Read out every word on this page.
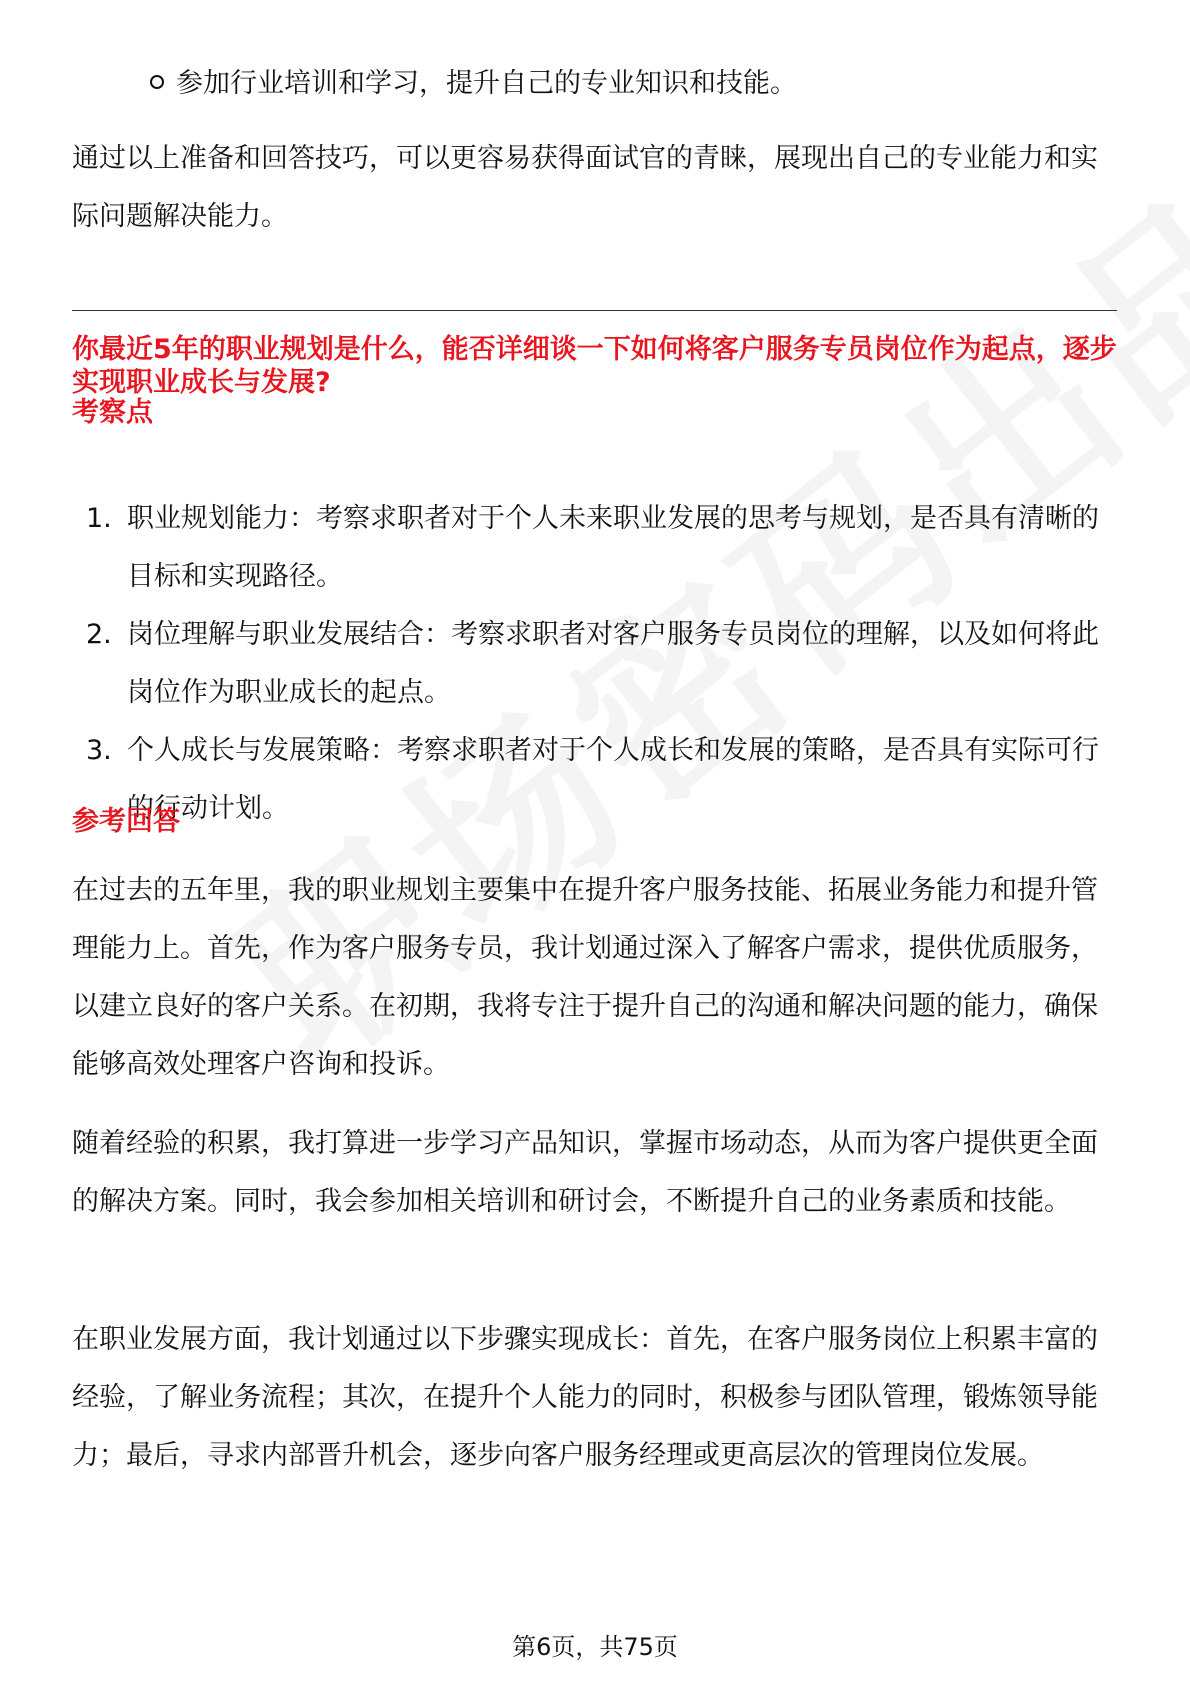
参加行业培训和学习，提升自己的专业知识和技能。

通过以上准备和回答技巧，可以更容易获得面试官的青睐，展现出自己的专业能力和实际问题解决能力。

你最近5年的职业规划是什么，能否详细谈一下如何将客户服务专员岗位作为起点，逐步实现职业成长与发展?

考察点

1. 职业规划能力：考察求职者对于个人未来职业发展的思考与规划，是否具有清晰的目标和实现路径。
2. 岗位理解与职业发展结合：考察求职者对客户服务专员岗位的理解，以及如何将此岗位作为职业成长的起点。
3. 个人成长与发展策略：考察求职者对于个人成长和发展的策略，是否具有实际可行的行动计划。

参考回答

在过去的五年里，我的职业规划主要集中在提升客户服务技能、拓展业务能力和提升管理能力上。首先，作为客户服务专员，我计划通过深入了解客户需求，提供优质服务，以建立良好的客户关系。在初期，我将专注于提升自己的沟通和解决问题的能力，确保能够高效处理客户咨询和投诉。

随着经验的积累，我打算进一步学习产品知识，掌握市场动态，从而为客户提供更全面的解决方案。同时，我会参加相关培训和研讨会，不断提升自己的业务素质和技能。

在职业发展方面，我计划通过以下步骤实现成长：首先，在客户服务岗位上积累丰富的经验，了解业务流程；其次，在提升个人能力的同时，积极参与团队管理，锻炼领导能力；最后，寻求内部晋升机会，逐步向客户服务经理或更高层次的管理岗位发展。

第6页，共75页
